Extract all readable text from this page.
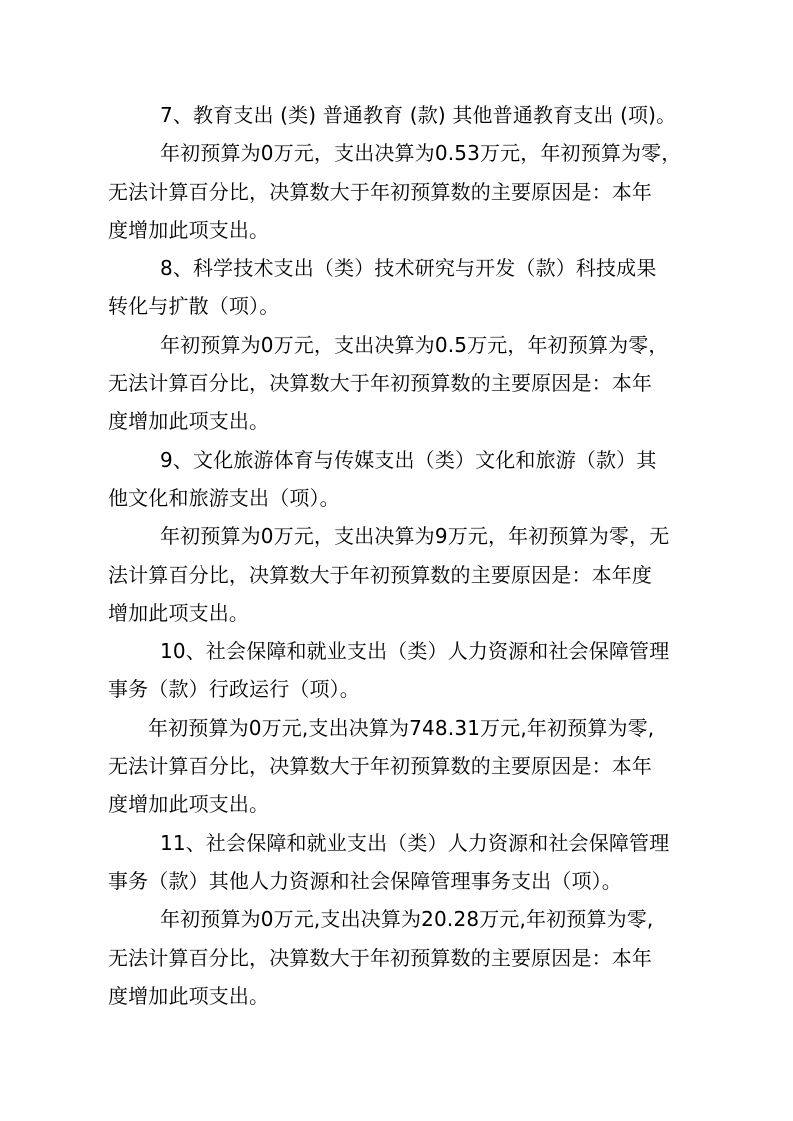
7、教育支出 (类) 普通教育 (款) 其他普通教育支出 (项)。

年初预算为0万元，支出决算为0.53万元，年初预算为零，

无法计算百分比，决算数大于年初预算数的主要原因是：本年

度增加此项支出。

8、科学技术支出（类）技术研究与开发（款）科技成果

转化与扩散（项）。

年初预算为0万元，支出决算为0.5万元，年初预算为零，

无法计算百分比，决算数大于年初预算数的主要原因是：本年

度增加此项支出。

9、文化旅游体育与传媒支出（类）文化和旅游（款）其

他文化和旅游支出（项）。

年初预算为0万元，支出决算为9万元，年初预算为零，无

法计算百分比，决算数大于年初预算数的主要原因是：本年度

增加此项支出。

10、社会保障和就业支出（类）人力资源和社会保障管理

事务（款）行政运行（项）。

年初预算为0万元,支出决算为748.31万元,年初预算为零,

无法计算百分比，决算数大于年初预算数的主要原因是：本年

度增加此项支出。

11、社会保障和就业支出（类）人力资源和社会保障管理

事务（款）其他人力资源和社会保障管理事务支出（项）。

年初预算为0万元,支出决算为20.28万元,年初预算为零,

无法计算百分比，决算数大于年初预算数的主要原因是：本年

度增加此项支出。
